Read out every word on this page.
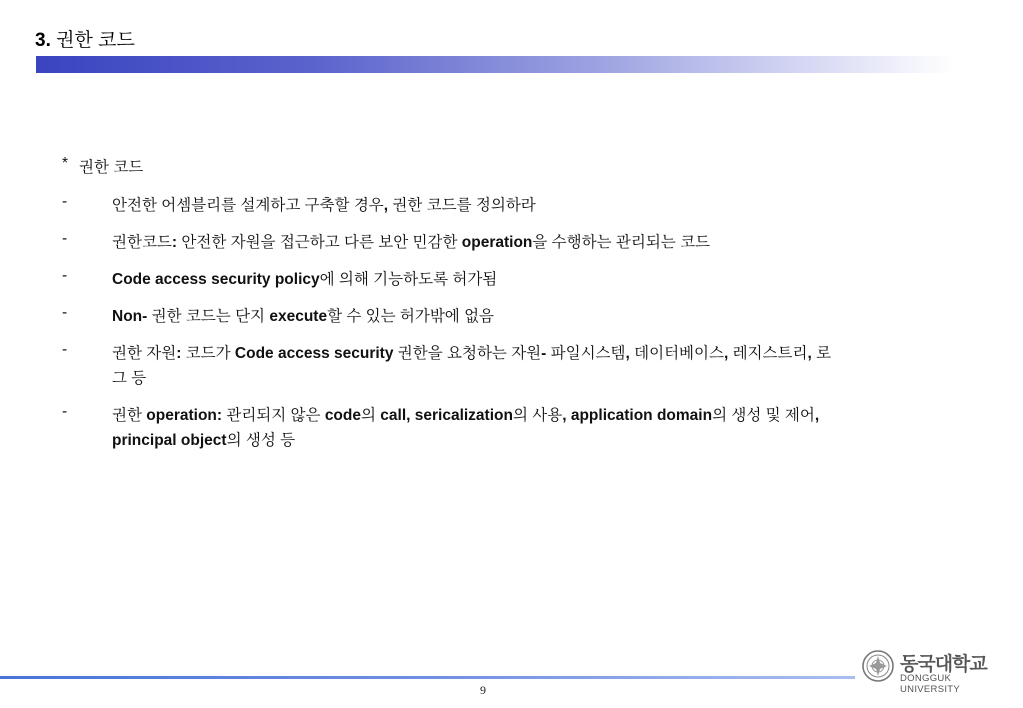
3. 권한 코드
* 권한 코드
-	안전한 어셈블리를 설계하고 구축할 경우, 권한 코드를 정의하라
-	권한코드: 안전한 자원을 접근하고 다른 보안 민감한 operation을 수행하는 관리되는 코드
-	Code access security policy에 의해 기능하도록 허가됨
-	Non- 권한 코드는 단지 execute할 수 있는 허가밖에 없음
-	권한 자원: 코드가 Code access security 권한을 요청하는 자원- 파일시스템, 데이터베이스, 레지스트리, 로그 등
-	권한 operation: 관리되지 않은 code의 call, sericalization의 사용, application domain의 생성 및 제어, principal object의 생성 등
9
동국대학교
DONGGUK UNIVERSITY
